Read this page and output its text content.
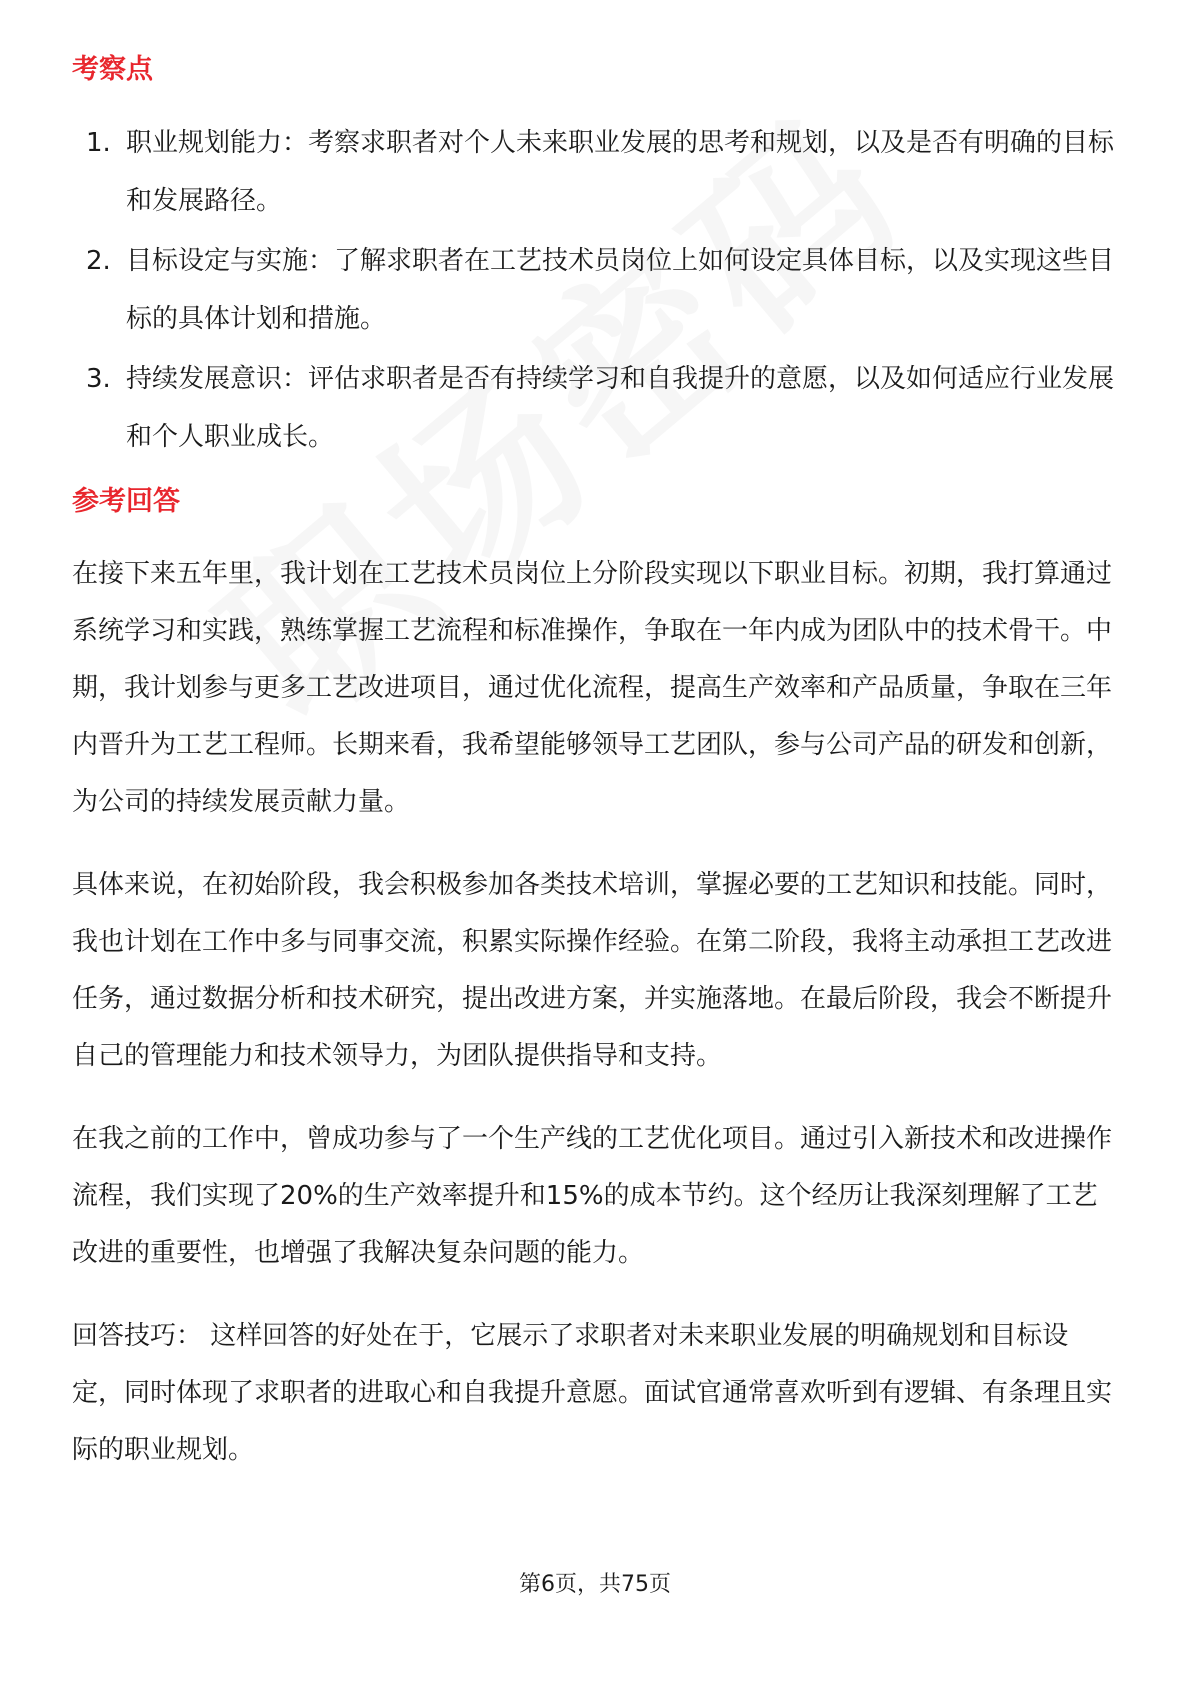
考察点
1. 职业规划能力：考察求职者对个人未来职业发展的思考和规划，以及是否有明确的目标和发展路径。
2. 目标设定与实施：了解求职者在工艺技术员岗位上如何设定具体目标，以及实现这些目标的具体计划和措施。
3. 持续发展意识：评估求职者是否有持续学习和自我提升的意愿，以及如何适应行业发展和个人职业成长。
参考回答

在接下来五年里，我计划在工艺技术员岗位上分阶段实现以下职业目标。初期，我打算通过系统学习和实践，熟练掌握工艺流程和标准操作，争取在一年内成为团队中的技术骨干。中期，我计划参与更多工艺改进项目，通过优化流程，提高生产效率和产品质量，争取在三年内晋升为工艺工程师。长期来看，我希望能够领导工艺团队，参与公司产品的研发和创新，为公司的持续发展贡献力量。

具体来说，在初始阶段，我会积极参加各类技术培训，掌握必要的工艺知识和技能。同时，我也计划在工作中多与同事交流，积累实际操作经验。在第二阶段，我将主动承担工艺改进任务，通过数据分析和技术研究，提出改进方案，并实施落地。在最后阶段，我会不断提升自己的管理能力和技术领导力，为团队提供指导和支持。

在我之前的工作中，曾成功参与了一个生产线的工艺优化项目。通过引入新技术和改进操作流程，我们实现了20%的生产效率提升和15%的成本节约。这个经历让我深刻理解了工艺改进的重要性，也增强了我解决复杂问题的能力。

回答技巧： 这样回答的好处在于，它展示了求职者对未来职业发展的明确规划和目标设定，同时体现了求职者的进取心和自我提升意愿。面试官通常喜欢听到有逻辑、有条理且实际的职业规划。

第6页，共75页
